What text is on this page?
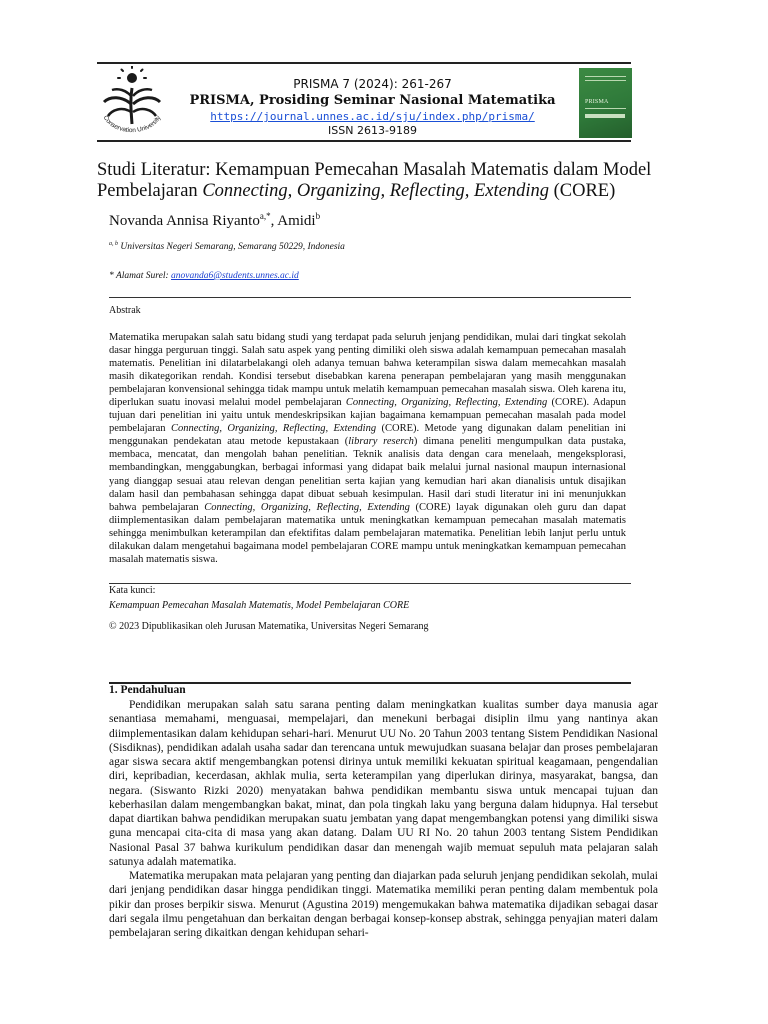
Conservation University
PRISMA 7 (2024): 261-267
PRISMA, Prosiding Seminar Nasional Matematika
https://journal.unnes.ac.id/sju/index.php/prisma/
ISSN 2613-9189
PRISMA
Studi Literatur: Kemampuan Pemecahan Masalah Matematis dalam Model
Pembelajaran Connecting, Organizing, Reflecting, Extending (CORE)
Novanda Annisa Riyanto$^{a,*}$, Amidi$^b$
$^{a, b}$ Universitas Negeri Semarang, Semarang 50229, Indonesia
* Alamat Surel: anovanda6@students.unnes.ac.id
Abstrak
Matematika merupakan salah satu bidang studi yang terdapat pada seluruh jenjang pendidikan, mulai dari tingkat sekolah dasar hingga perguruan tinggi. Salah satu aspek yang penting dimiliki oleh siswa adalah kemampuan pemecahan masalah matematis. Penelitian ini dilatarbelakangi oleh adanya temuan bahwa keterampilan siswa dalam memecahkan masalah masih dikategorikan rendah. Kondisi tersebut disebabkan karena penerapan pembelajaran yang masih menggunakan pembelajaran konvensional sehingga tidak mampu untuk melatih kemampuan pemecahan masalah siswa. Oleh karena itu, diperlukan suatu inovasi melalui model pembelajaran Connecting, Organizing, Reflecting, Extending (CORE). Adapun tujuan dari penelitian ini yaitu untuk mendeskripsikan kajian bagaimana kemampuan pemecahan masalah pada model pembelajaran Connecting, Organizing, Reflecting, Extending (CORE). Metode yang digunakan dalam penelitian ini menggunakan pendekatan atau metode kepustakaan (library reserch) dimana peneliti mengumpulkan data pustaka, membaca, mencatat, dan mengolah bahan penelitian. Teknik analisis data dengan cara menelaah, mengeksplorasi, membandingkan, menggabungkan, berbagai informasi yang didapat baik melalui jurnal nasional maupun internasional yang dianggap sesuai atau relevan dengan penelitian serta kajian yang kemudian hari akan dianalisis untuk disajikan dalam hasil dan pembahasan sehingga dapat dibuat sebuah kesimpulan. Hasil dari studi literatur ini ini menunjukkan bahwa pembelajaran Connecting, Organizing, Reflecting, Extending (CORE) layak digunakan oleh guru dan dapat diimplementasikan dalam pembelajaran matematika untuk meningkatkan kemampuan pemecahan masalah matematis sehingga menimbulkan keterampilan dan efektifitas dalam pembelajaran matematika. Penelitian lebih lanjut perlu untuk dilakukan dalam mengetahui bagaimana model pembelajaran CORE mampu untuk meningkatkan kemampuan pemecahan masalah matematis siswa.
Kata kunci:
Kemampuan Pemecahan Masalah Matematis, Model Pembelajaran CORE
© 2023 Dipublikasikan oleh Jurusan Matematika, Universitas Negeri Semarang
1. Pendahuluan

Pendidikan merupakan salah satu sarana penting dalam meningkatkan kualitas sumber daya manusia agar senantiasa memahami, menguasai, mempelajari, dan menekuni berbagai disiplin ilmu yang nantinya akan diimplementasikan dalam kehidupan sehari-hari. Menurut UU No. 20 Tahun 2003 tentang Sistem Pendidikan Nasional (Sisdiknas), pendidikan adalah usaha sadar dan terencana untuk mewujudkan suasana belajar dan proses pembelajaran agar siswa secara aktif mengembangkan potensi dirinya untuk memiliki kekuatan spiritual keagamaan, pengendalian diri, kepribadian, kecerdasan, akhlak mulia, serta keterampilan yang diperlukan dirinya, masyarakat, bangsa, dan negara. (Siswanto Rizki 2020) menyatakan bahwa pendidikan membantu siswa untuk mencapai tujuan dan keberhasilan dalam mengembangkan bakat, minat, dan pola tingkah laku yang berguna dalam hidupnya. Hal tersebut dapat diartikan bahwa pendidikan merupakan suatu jembatan yang dapat mengembangkan potensi yang dimiliki siswa guna mencapai cita-cita di masa yang akan datang. Dalam UU RI No. 20 tahun 2003 tentang Sistem Pendidikan Nasional Pasal 37 bahwa kurikulum pendidikan dasar dan menengah wajib memuat sepuluh mata pelajaran salah satunya adalah matematika.

Matematika merupakan mata pelajaran yang penting dan diajarkan pada seluruh jenjang pendidikan sekolah, mulai dari jenjang pendidikan dasar hingga pendidikan tinggi. Matematika memiliki peran penting dalam membentuk pola pikir dan proses berpikir siswa. Menurut (Agustina 2019) mengemukakan bahwa matematika dijadikan sebagai dasar dari segala ilmu pengetahuan dan berkaitan dengan berbagai konsep-konsep abstrak, sehingga penyajian materi dalam pembelajaran sering dikaitkan dengan kehidupan sehari-
